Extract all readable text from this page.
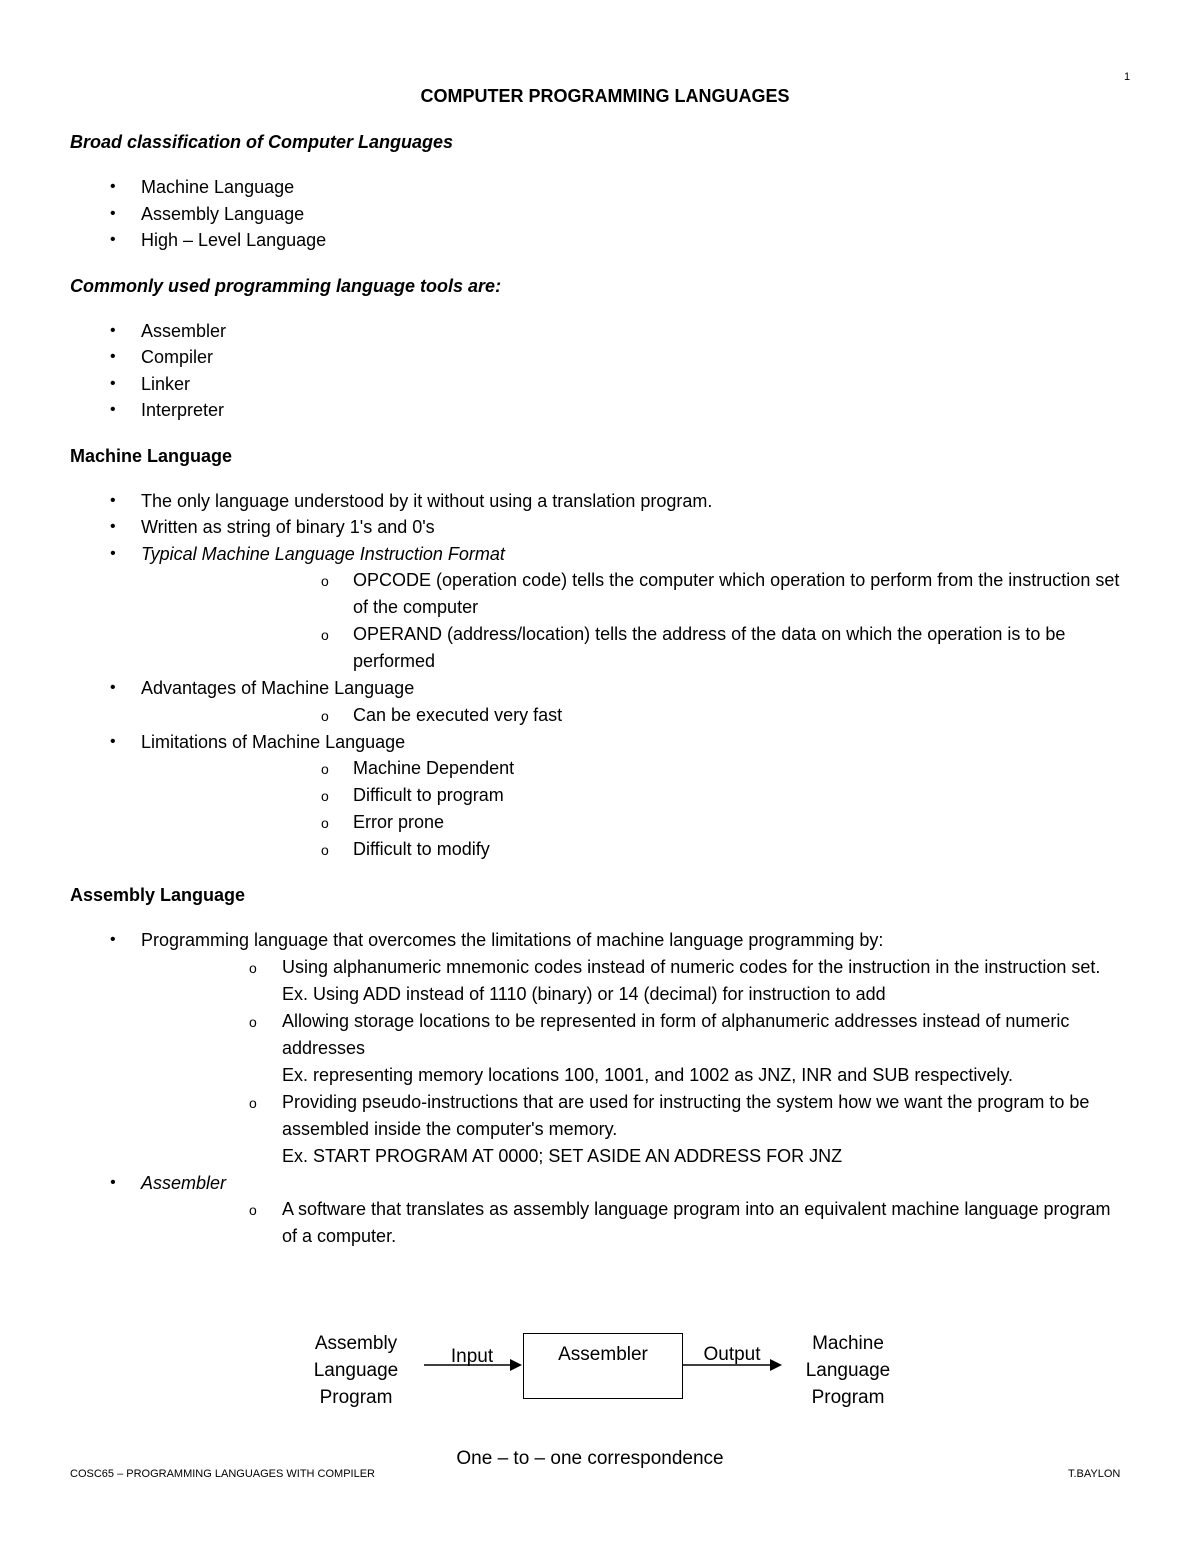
1
COMPUTER PROGRAMMING LANGUAGES
Broad classification of Computer Languages
• Machine Language
• Assembly Language
• High – Level Language
Commonly used programming language tools are:
• Assembler
• Compiler
• Linker
• Interpreter
Machine Language
• The only language understood by it without using a translation program.
• Written as string of binary 1's and 0's
• Typical Machine Language Instruction Format
o OPCODE (operation code) tells the computer which operation to perform from the instruction set
of the computer
o OPERAND (address/location) tells the address of the data on which the operation is to be
performed
• Advantages of Machine Language
o Can be executed very fast
• Limitations of Machine Language
o Machine Dependent
o Difficult to program
o Error prone
o Difficult to modify
Assembly Language
• Programming language that overcomes the limitations of machine language programming by:
o Using alphanumeric mnemonic codes instead of numeric codes for the instruction in the instruction set.
Ex. Using ADD instead of 1110 (binary) or 14 (decimal) for instruction to add
o Allowing storage locations to be represented in form of alphanumeric addresses instead of numeric
addresses
Ex. representing memory locations 100, 1001, and 1002 as JNZ, INR and SUB respectively.
o Providing pseudo-instructions that are used for instructing the system how we want the program to be
assembled inside the computer's memory.
Ex. START PROGRAM AT 0000; SET ASIDE AN ADDRESS FOR JNZ
• Assembler
o A software that translates as assembly language program into an equivalent machine language program
of a computer.
Assembly
Language
Program
Input	Assembler	Output
Machine
Language
Program
One – to – one correspondence
COSC65 – PROGRAMMING LANGUAGES WITH COMPILER	T.BAYLON
